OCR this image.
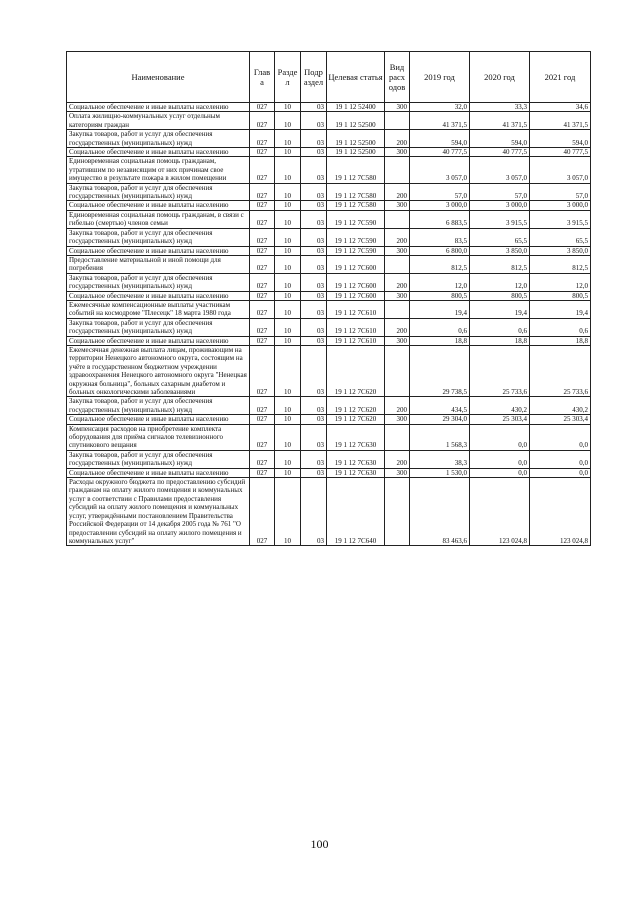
Наименование	Глав а	Разде л	Подр аздел	Целевая статья	Вид расх одов	2019 год	2020 год	2021 год
Социальное обеспечение и иные выплаты населению	027	10	03	19 1 12 52400	300	32,0	33,3	34,6
Оплата жилищно-коммунальных услуг отдельным категориям граждан	027	10	03	19 1 12 52500		41 371,5	41 371,5	41 371,5
Закупка товаров, работ и услуг для обеспечения государственных (муниципальных) нужд	027	10	03	19 1 12 52500	200	594,0	594,0	594,0
Социальное обеспечение и иные выплаты населению	027	10	03	19 1 12 52500	300	40 777,5	40 777,5	40 777,5
Единовременная социальная помощь гражданам, утратившим по независящим от них причинам свое имущество в результате пожара в жилом помещении	027	10	03	19 1 12 7С580		3 057,0	3 057,0	3 057,0
Закупка товаров, работ и услуг для обеспечения государственных (муниципальных) нужд	027	10	03	19 1 12 7С580	200	57,0	57,0	57,0
Социальное обеспечение и иные выплаты населению	027	10	03	19 1 12 7С580	300	3 000,0	3 000,0	3 000,0
Единовременная социальная помощь гражданам, в связи с гибелью (смертью) членов семьи	027	10	03	19 1 12 7С590		6 883,5	3 915,5	3 915,5
Закупка товаров, работ и услуг для обеспечения государственных (муниципальных) нужд	027	10	03	19 1 12 7С590	200	83,5	65,5	65,5
Социальное обеспечение и иные выплаты населению	027	10	03	19 1 12 7С590	300	6 800,0	3 850,0	3 850,0
Предоставление материальной и иной помощи для погребения	027	10	03	19 1 12 7С600		812,5	812,5	812,5
Закупка товаров, работ и услуг для обеспечения государственных (муниципальных) нужд	027	10	03	19 1 12 7С600	200	12,0	12,0	12,0
Социальное обеспечение и иные выплаты населению	027	10	03	19 1 12 7С600	300	800,5	800,5	800,5
Ежемесячные компенсационные выплаты участникам событий на космодроме "Плесецк" 18 марта 1980 года	027	10	03	19 1 12 7С610		19,4	19,4	19,4
Закупка товаров, работ и услуг для обеспечения государственных (муниципальных) нужд	027	10	03	19 1 12 7С610	200	0,6	0,6	0,6
Социальное обеспечение и иные выплаты населению	027	10	03	19 1 12 7С610	300	18,8	18,8	18,8
Ежемесячная денежная выплата лицам, проживающим на территории Ненецкого автономного округа, состоящим на учёте в государственном бюджетном учреждении здравоохранения Ненецкого автономного округа "Ненецкая окружная больница", больных сахарным диабетом и больных онкологическими заболеваниями	027	10	03	19 1 12 7С620		29 738,5	25 733,6	25 733,6
Закупка товаров, работ и услуг для обеспечения государственных (муниципальных) нужд	027	10	03	19 1 12 7С620	200	434,5	430,2	430,2
Социальное обеспечение и иные выплаты населению	027	10	03	19 1 12 7С620	300	29 304,0	25 303,4	25 303,4
Компенсация расходов на приобретение комплекта оборудования для приёма сигналов телевизионного спутникового вещания	027	10	03	19 1 12 7С630		1 568,3	0,0	0,0
Закупка товаров, работ и услуг для обеспечения государственных (муниципальных) нужд	027	10	03	19 1 12 7С630	200	38,3	0,0	0,0
Социальное обеспечение и иные выплаты населению	027	10	03	19 1 12 7С630	300	1 530,0	0,0	0,0
Расходы окружного бюджета по предоставлению субсидий гражданам на оплату жилого помещения и коммунальных услуг в соответствии с Правилами предоставления субсидий на оплату жилого помещения и коммунальных услуг, утверждёнными постановлением Правительства Российской Федерации от 14 декабря 2005 года № 761 "О предоставлении субсидий на оплату жилого помещения и коммунальных услуг"	027	10	03	19 1 12 7С640		83 463,6	123 024,8	123 024,8
100
